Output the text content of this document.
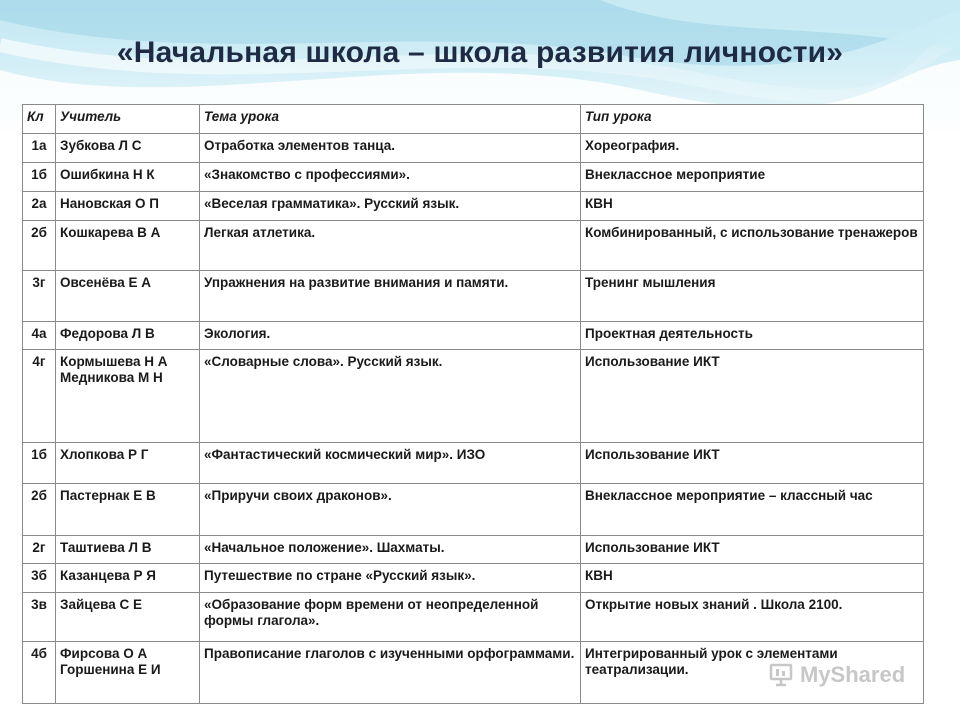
«Начальная школа – школа развития личности»
Кл	Учитель	Тема урока	Тип урока
1а	Зубкова Л С	Отработка элементов танца.	Хореография.
1б	Ошибкина Н К	«Знакомство с профессиями».	Внеклассное мероприятие
2а	Нановская О П	«Веселая грамматика». Русский язык.	КВН
2б	Кошкарева В А	Легкая атлетика.	Комбинированный, с использование тренажеров
3г	Овсенёва Е А	Упражнения на развитие внимания и памяти.	Тренинг мышления
4а	Федорова Л В	Экология.	Проектная деятельность
4г	Кормышева Н А Медникова М Н	«Словарные слова». Русский язык.	Использование ИКТ
1б	Хлопкова Р Г	«Фантастический космический мир». ИЗО	Использование ИКТ
2б	Пастернак Е В	«Приручи своих драконов».	Внеклассное мероприятие – классный час
2г	Таштиева Л В	«Начальное положение». Шахматы.	Использование ИКТ
3б	Казанцева Р Я	Путешествие по стране «Русский язык».	КВН
3в	Зайцева С Е	«Образование форм времени от неопределенной формы глагола».	Открытие новых знаний . Школа 2100.
4б	Фирсова О А Горшенина Е И	Правописание глаголов с изученными орфограммами.	Интегрированный урок с элементами театрализации.	MyShared
